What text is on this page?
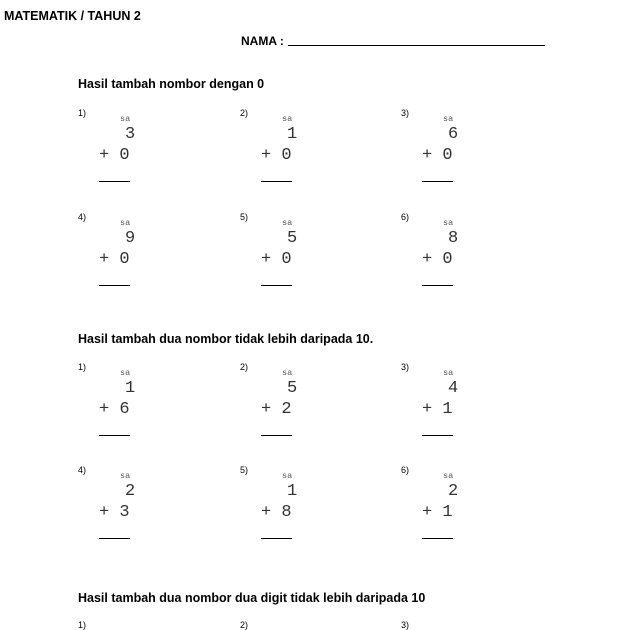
MATEMATIK / TAHUN 2
NAMA :
Hasil tambah nombor dengan 0
1)
sa
3
+ 0
2)
sa
1
+ 0
3)
sa
6
+ 0
4)
sa
9
+ 0
5)
sa
5
+ 0
6)
sa
8
+ 0
Hasil tambah dua nombor tidak lebih daripada 10.
1)
sa
1
+ 6
2)
sa
5
+ 2
3)
sa
4
+ 1
4)
sa
2
+ 3
5)
sa
1
+ 8
6)
sa
2
+ 1
Hasil tambah dua nombor dua digit tidak lebih daripada 10
1)	2)	3)
